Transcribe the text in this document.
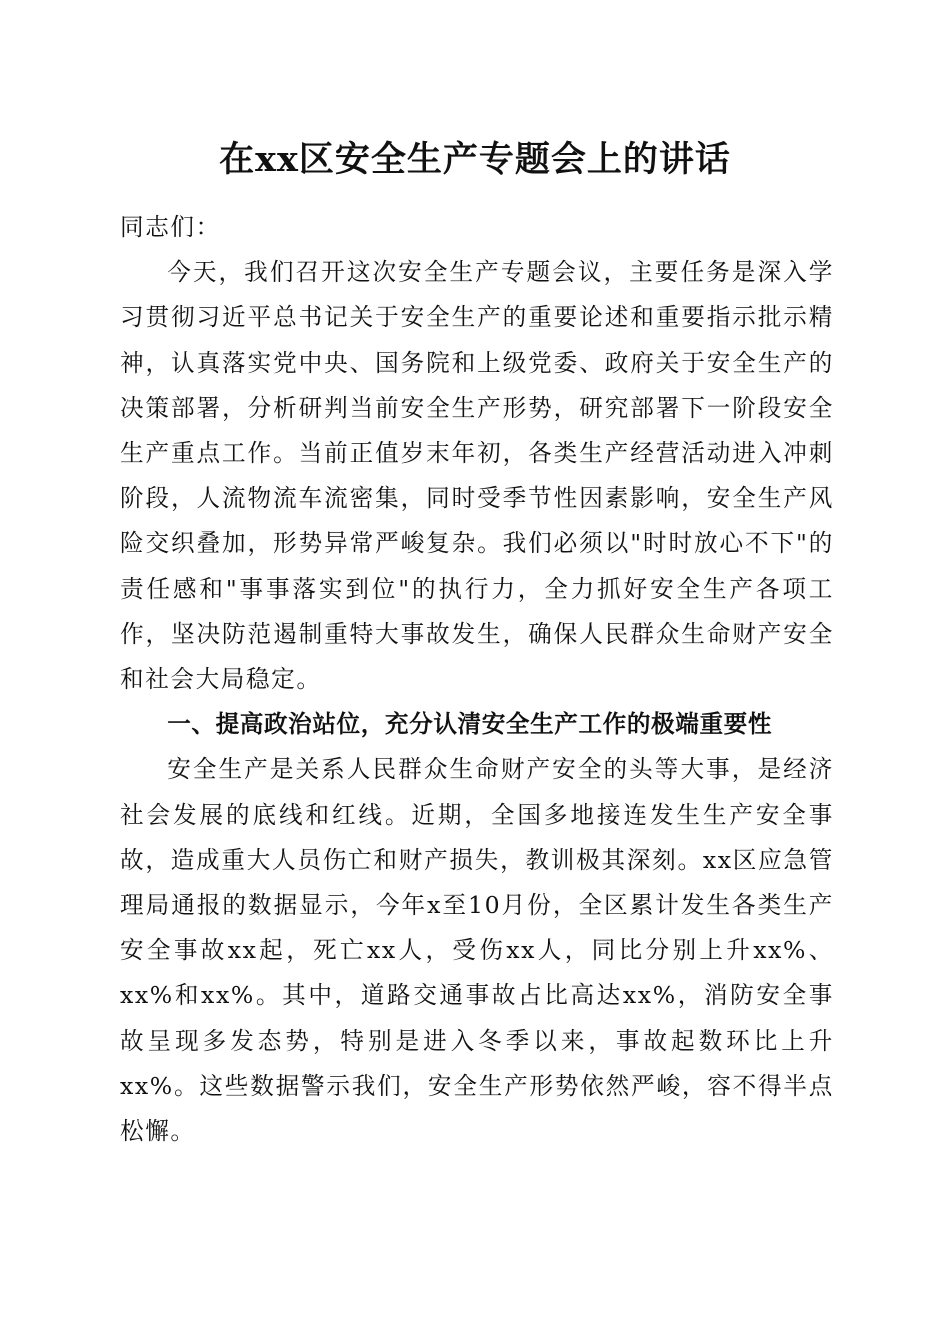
在xx区安全生产专题会上的讲话

同志们：

今天，我们召开这次安全生产专题会议，主要任务是深入学习贯彻习近平总书记关于安全生产的重要论述和重要指示批示精神，认真落实党中央、国务院和上级党委、政府关于安全生产的决策部署，分析研判当前安全生产形势，研究部署下一阶段安全生产重点工作。当前正值岁末年初，各类生产经营活动进入冲刺阶段，人流物流车流密集，同时受季节性因素影响，安全生产风险交织叠加，形势异常严峻复杂。我们必须以"时时放心不下"的责任感和"事事落实到位"的执行力，全力抓好安全生产各项工作，坚决防范遏制重特大事故发生，确保人民群众生命财产安全和社会大局稳定。

一、提高政治站位，充分认清安全生产工作的极端重要性

安全生产是关系人民群众生命财产安全的头等大事，是经济社会发展的底线和红线。近期，全国多地接连发生生产安全事故，造成重大人员伤亡和财产损失，教训极其深刻。xx区应急管理局通报的数据显示，今年x至10月份，全区累计发生各类生产安全事故xx起，死亡xx人，受伤xx人，同比分别上升xx%、xx%和xx%。其中，道路交通事故占比高达xx%，消防安全事故呈现多发态势，特别是进入冬季以来，事故起数环比上升xx%。这些数据警示我们，安全生产形势依然严峻，容不得半点松懈。
